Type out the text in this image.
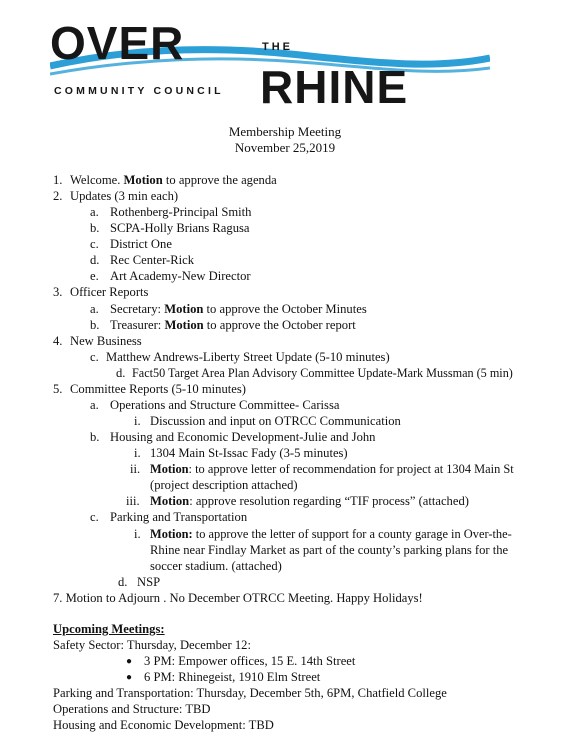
OVER	THE
RHINE
COMMUNITY COUNCIL
Membership Meeting
November 25,2019
1. Welcome. Motion to approve the agenda
2. Updates (3 min each)
a. Rothenberg-Principal Smith
b. SCPA-Holly Brians Ragusa
c. District One
d. Rec Center-Rick
e. Art Academy-New Director
3. Officer Reports
a. Secretary: Motion to approve the October Minutes
b. Treasurer: Motion to approve the October report
4. New Business
c. Matthew Andrews-Liberty Street Update (5-10 minutes)
d. Fact50 Target Area Plan Advisory Committee Update-Mark Mussman (5 min)
5. Committee Reports (5-10 minutes)
a. Operations and Structure Committee- Carissa
i. Discussion and input on OTRCC Communication
b. Housing and Economic Development-Julie and John
i. 1304 Main St-Issac Fady (3-5 minutes)
ii. Motion: to approve letter of recommendation for project at 1304 Main St
(project description attached)
iii. Motion: approve resolution regarding “TIF process” (attached)
c. Parking and Transportation
i. Motion: to approve the letter of support for a county garage in Over-the-
Rhine near Findlay Market as part of the county’s parking plans for the
soccer stadium. (attached)
d. NSP
7. Motion to Adjourn . No December OTRCC Meeting. Happy Holidays!
Upcoming Meetings:
Safety Sector: Thursday, December 12:
● 3 PM: Empower offices, 15 E. 14th Street
● 6 PM: Rhinegeist, 1910 Elm Street
Parking and Transportation: Thursday, December 5th, 6PM, Chatfield College
Operations and Structure: TBD
Housing and Economic Development: TBD
